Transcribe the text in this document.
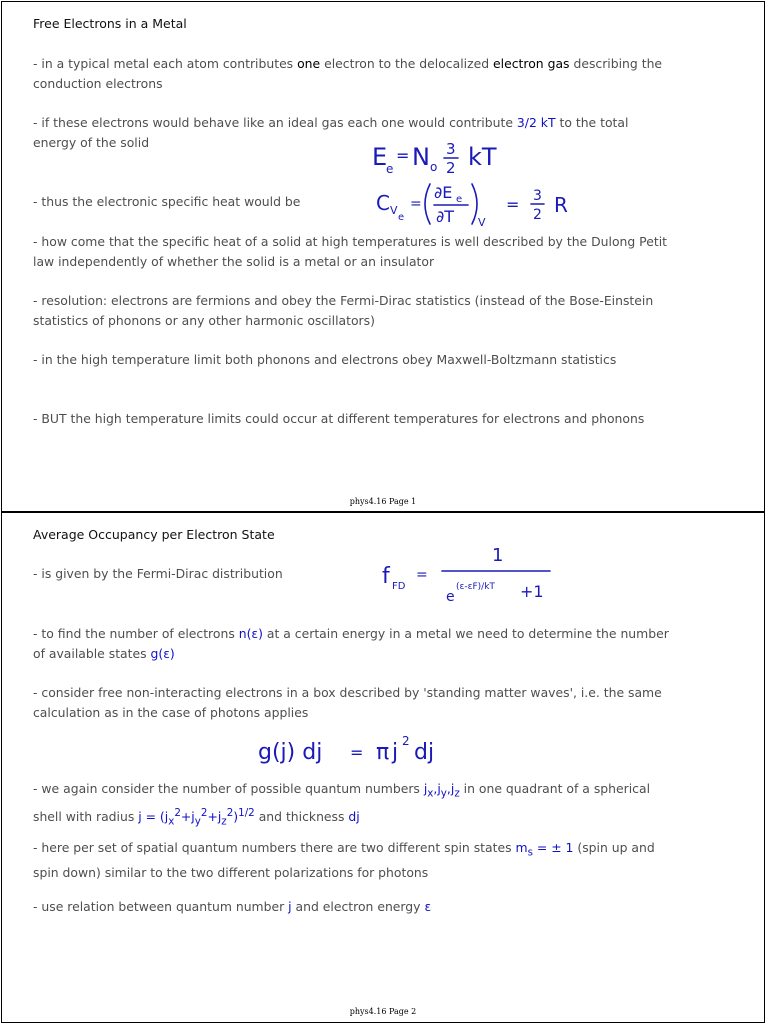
Free Electrons in a Metal
- in a typical metal each atom contributes one electron to the delocalized electron gas describing the conduction electrons
- if these electrons would behave like an ideal gas each one would contribute 3/2 kT to the total energy of the solid
E
e
= N o
3
2 kT
- thus the electronic specific heat would be	C V
e
=
∂E e
∂T V
= 3
2 R
- how come that the specific heat of a solid at high temperatures is well described by the Dulong Petit law independently of whether the solid is a metal or an insulator
- resolution: electrons are fermions and obey the Fermi-Dirac statistics (instead of the Bose-Einstein statistics of phonons or any other harmonic oscillators)
- in the high temperature limit both phonons and electrons obey Maxwell-Boltzmann statistics
- BUT the high temperature limits could occur at different temperatures for electrons and phonons
phys4.16 Page 1
Average Occupancy per Electron State
- is given by the Fermi-Dirac distribution	f FD
=
1
e
(ε-εF)/kT +1
- to find the number of electrons n(ε) at a certain energy in a metal we need to determine the number of available states g(ε)
- consider free non-interacting electrons in a box described by 'standing matter waves', i.e. the same calculation as in the case of photons applies
g(j) dj = π j 2 dj
- we again consider the number of possible quantum numbers $j_x,j_y,j_z$ in one quadrant of a spherical shell with radius $j = (j_x^2+j_y^2+j_z^2)^{1/2}$ and thickness dj
- here per set of spatial quantum numbers there are two different spin states $m_s$ = ± 1 (spin up and spin down) similar to the two different polarizations for photons
- use relation between quantum number j and electron energy ε
phys4.16 Page 2
